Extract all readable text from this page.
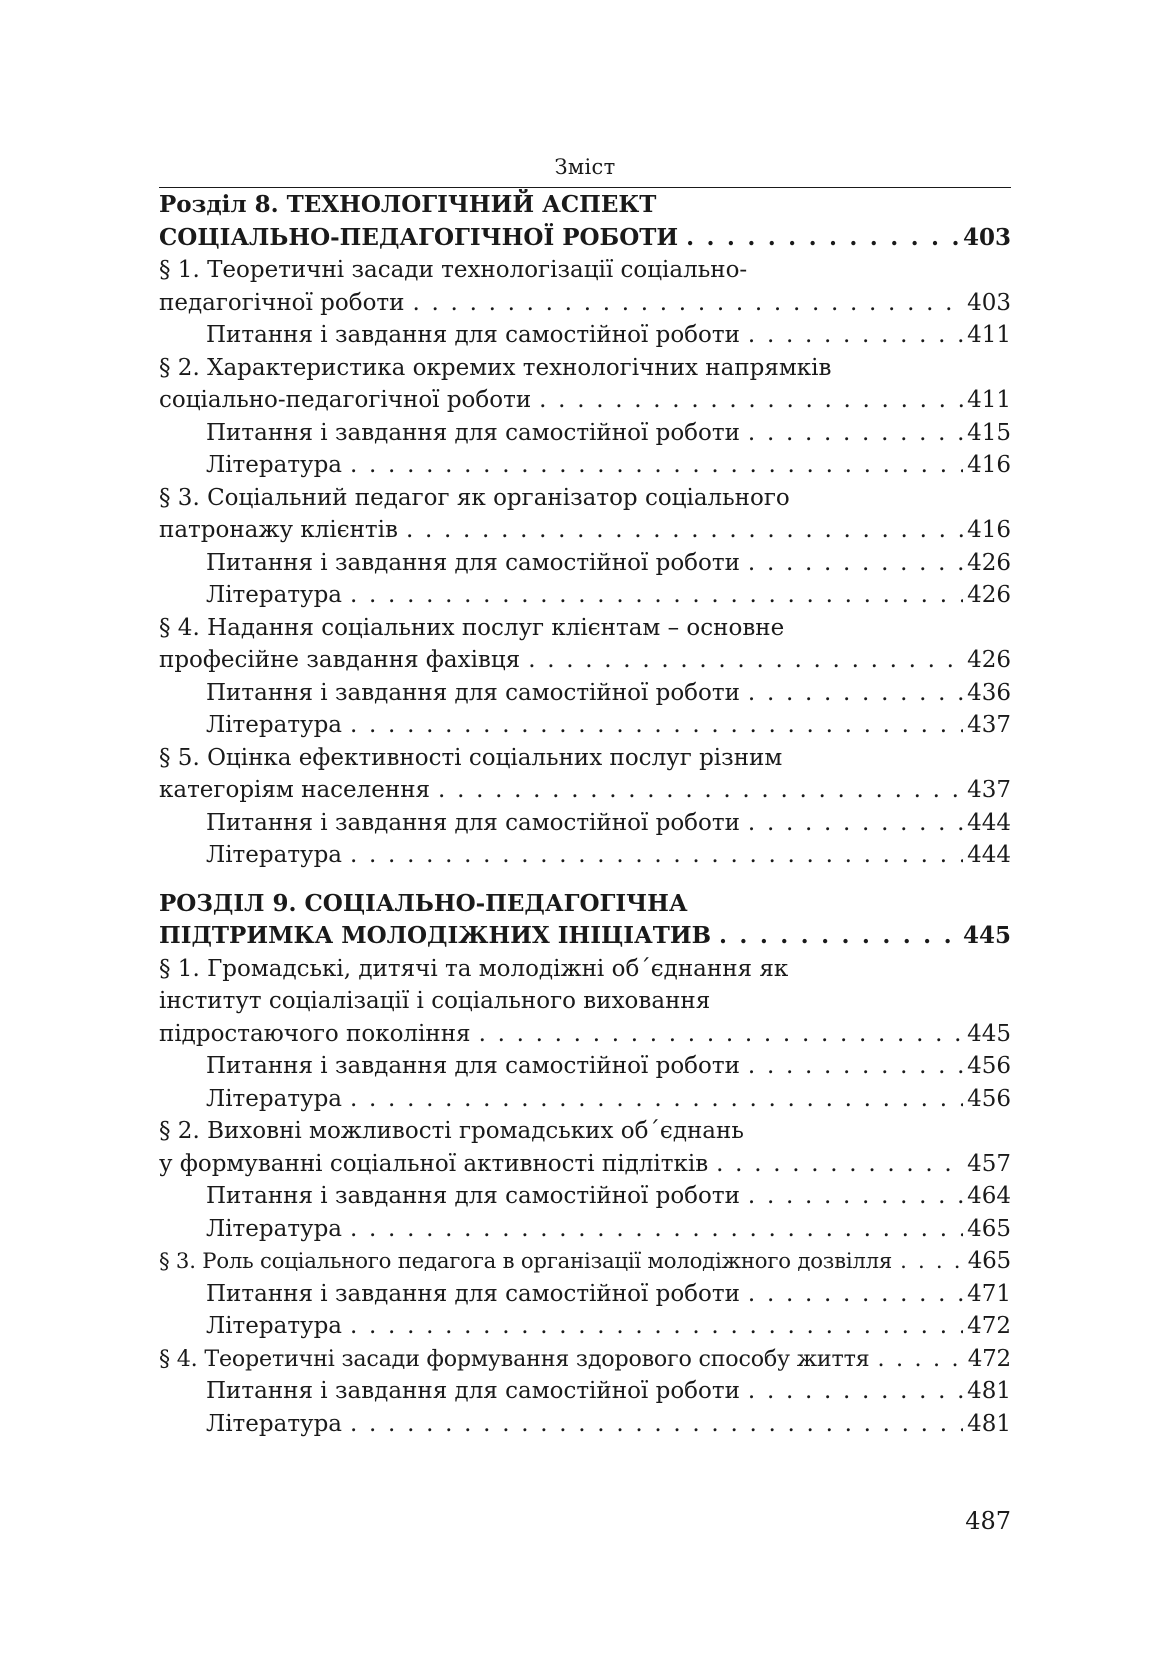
Зміст
Розділ 8. ТЕХНОЛОГІЧНИЙ АСПЕКТ
СОЦІАЛЬНО-ПЕДАГОГІЧНОЇ РОБОТИ . . .	403
§ 1. Теоретичні засади технологізації соціально-
педагогічної роботи . . .	403
Питання і завдання для самостійної роботи . . .	411
§ 2. Характеристика окремих технологічних напрямків
соціально-педагогічної роботи . . .	411
Питання і завдання для самостійної роботи . . .	415
Література . . .	416
§ 3. Соціальний педагог як організатор соціального
патронажу клієнтів . . .	416
Питання і завдання для самостійної роботи . . .	426
Література . . .	426
§ 4. Надання соціальних послуг клієнтам – основне
професійне завдання фахівця . . .	426
Питання і завдання для самостійної роботи . . .	436
Література . . .	437
§ 5. Оцінка ефективності соціальних послуг різним
категоріям населення . . .	437
Питання і завдання для самостійної роботи . . .	444
Література . . .	444
РОЗДІЛ 9. СОЦІАЛЬНО-ПЕДАГОГІЧНА
ПІДТРИМКА МОЛОДІЖНИХ ІНІЦІАТИВ . . .	445
§ 1. Громадські, дитячі та молодіжні об΄єднання як
інститут соціалізації і соціального виховання
підростаючого покоління . . .	445
Питання і завдання для самостійної роботи . . .	456
Література . . .	456
§ 2. Виховні можливості громадських об΄єднань
у формуванні соціальної активності підлітків . . .	457
Питання і завдання для самостійної роботи . . .	464
Література . . .	465
§ 3. Роль соціального педагога в організації молодіжного дозвілля . . .	465
Питання і завдання для самостійної роботи . . .	471
Література . . .	472
§ 4. Теоретичні засади формування здорового способу життя . . .	472
Питання і завдання для самостійної роботи . . .	481
Література . . .	481
487
